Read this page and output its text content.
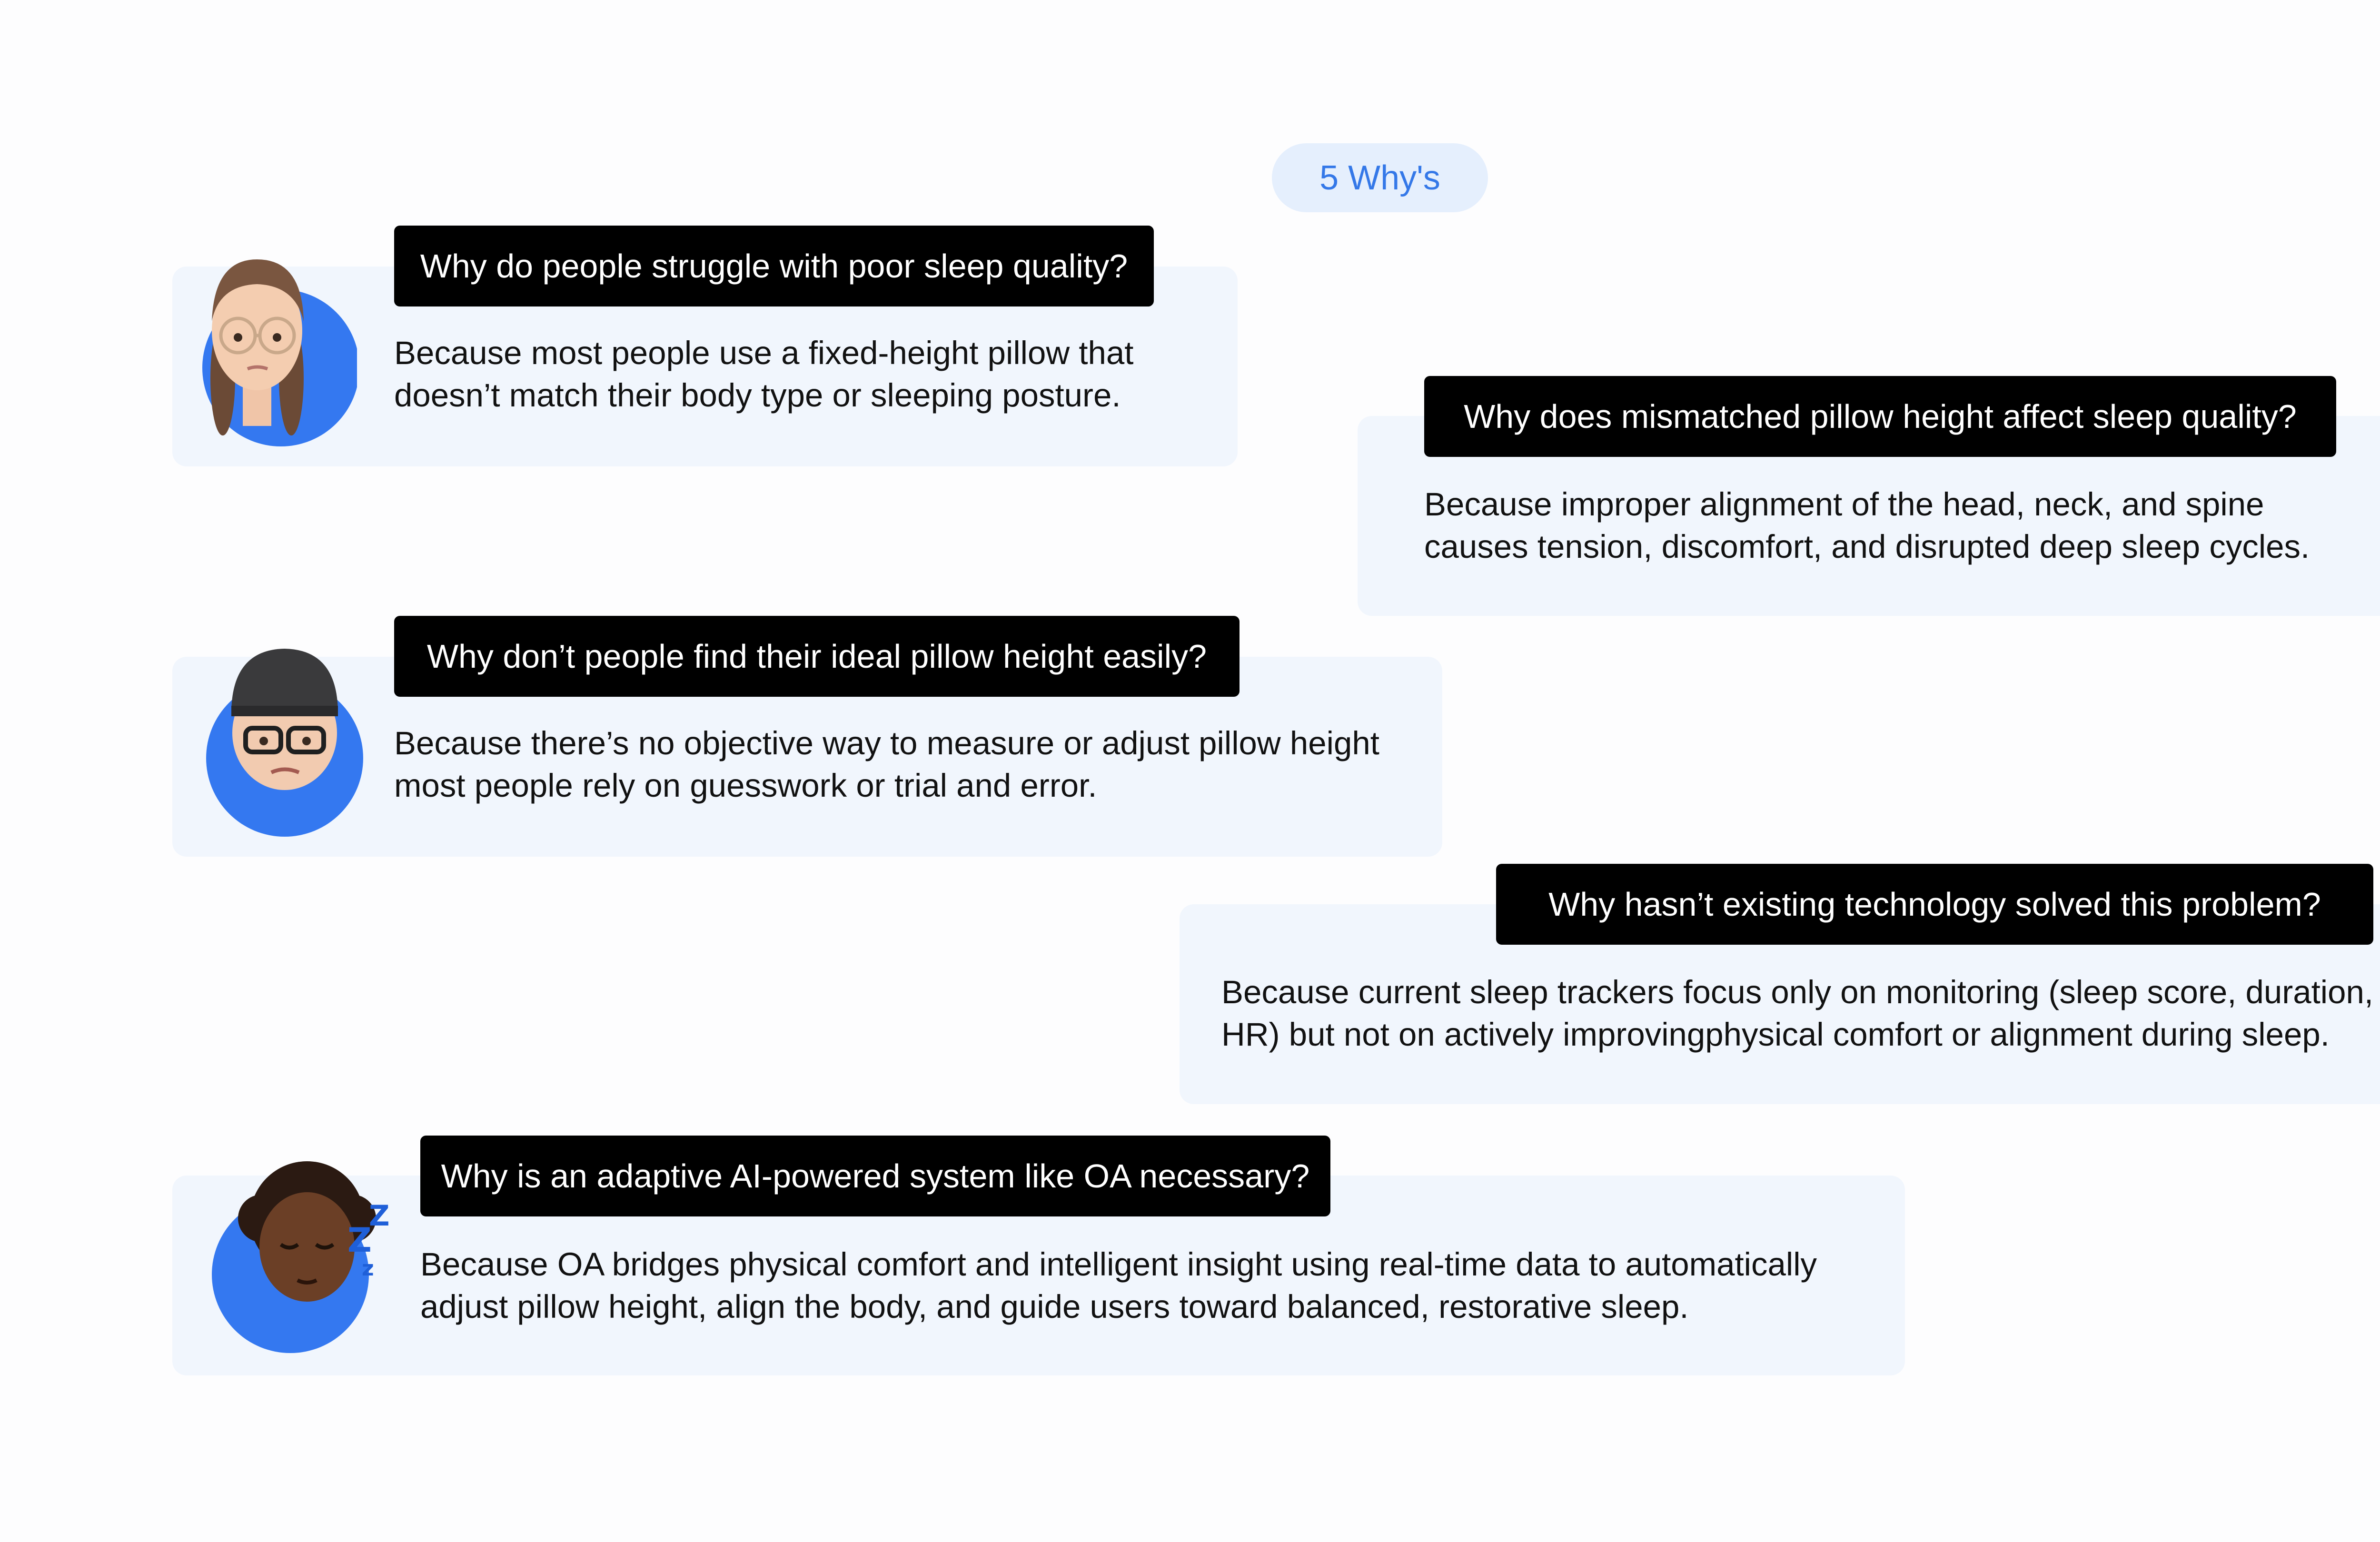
5 Why's
Why do people struggle with poor sleep quality?
Because most people use a fixed-height pillow that
doesn’t match their body type or sleeping posture.
Why does mismatched pillow height affect sleep quality?
Because improper alignment of the head, neck, and spine
causes tension, discomfort, and disrupted deep sleep cycles.
Why don’t people find their ideal pillow height easily?
Because there’s no objective way to measure or adjust pillow height
most people rely on guesswork or trial and error.
Why hasn’t existing technology solved this problem?
Because current sleep trackers focus only on monitoring (sleep score, duration,
HR) but not on actively improvingphysical comfort or alignment during sleep.
Z
Z
z
Why is an adaptive AI-powered system like OA necessary?
Because OA bridges physical comfort and intelligent insight using real-time data to automatically
adjust pillow height, align the body, and guide users toward balanced, restorative sleep.
